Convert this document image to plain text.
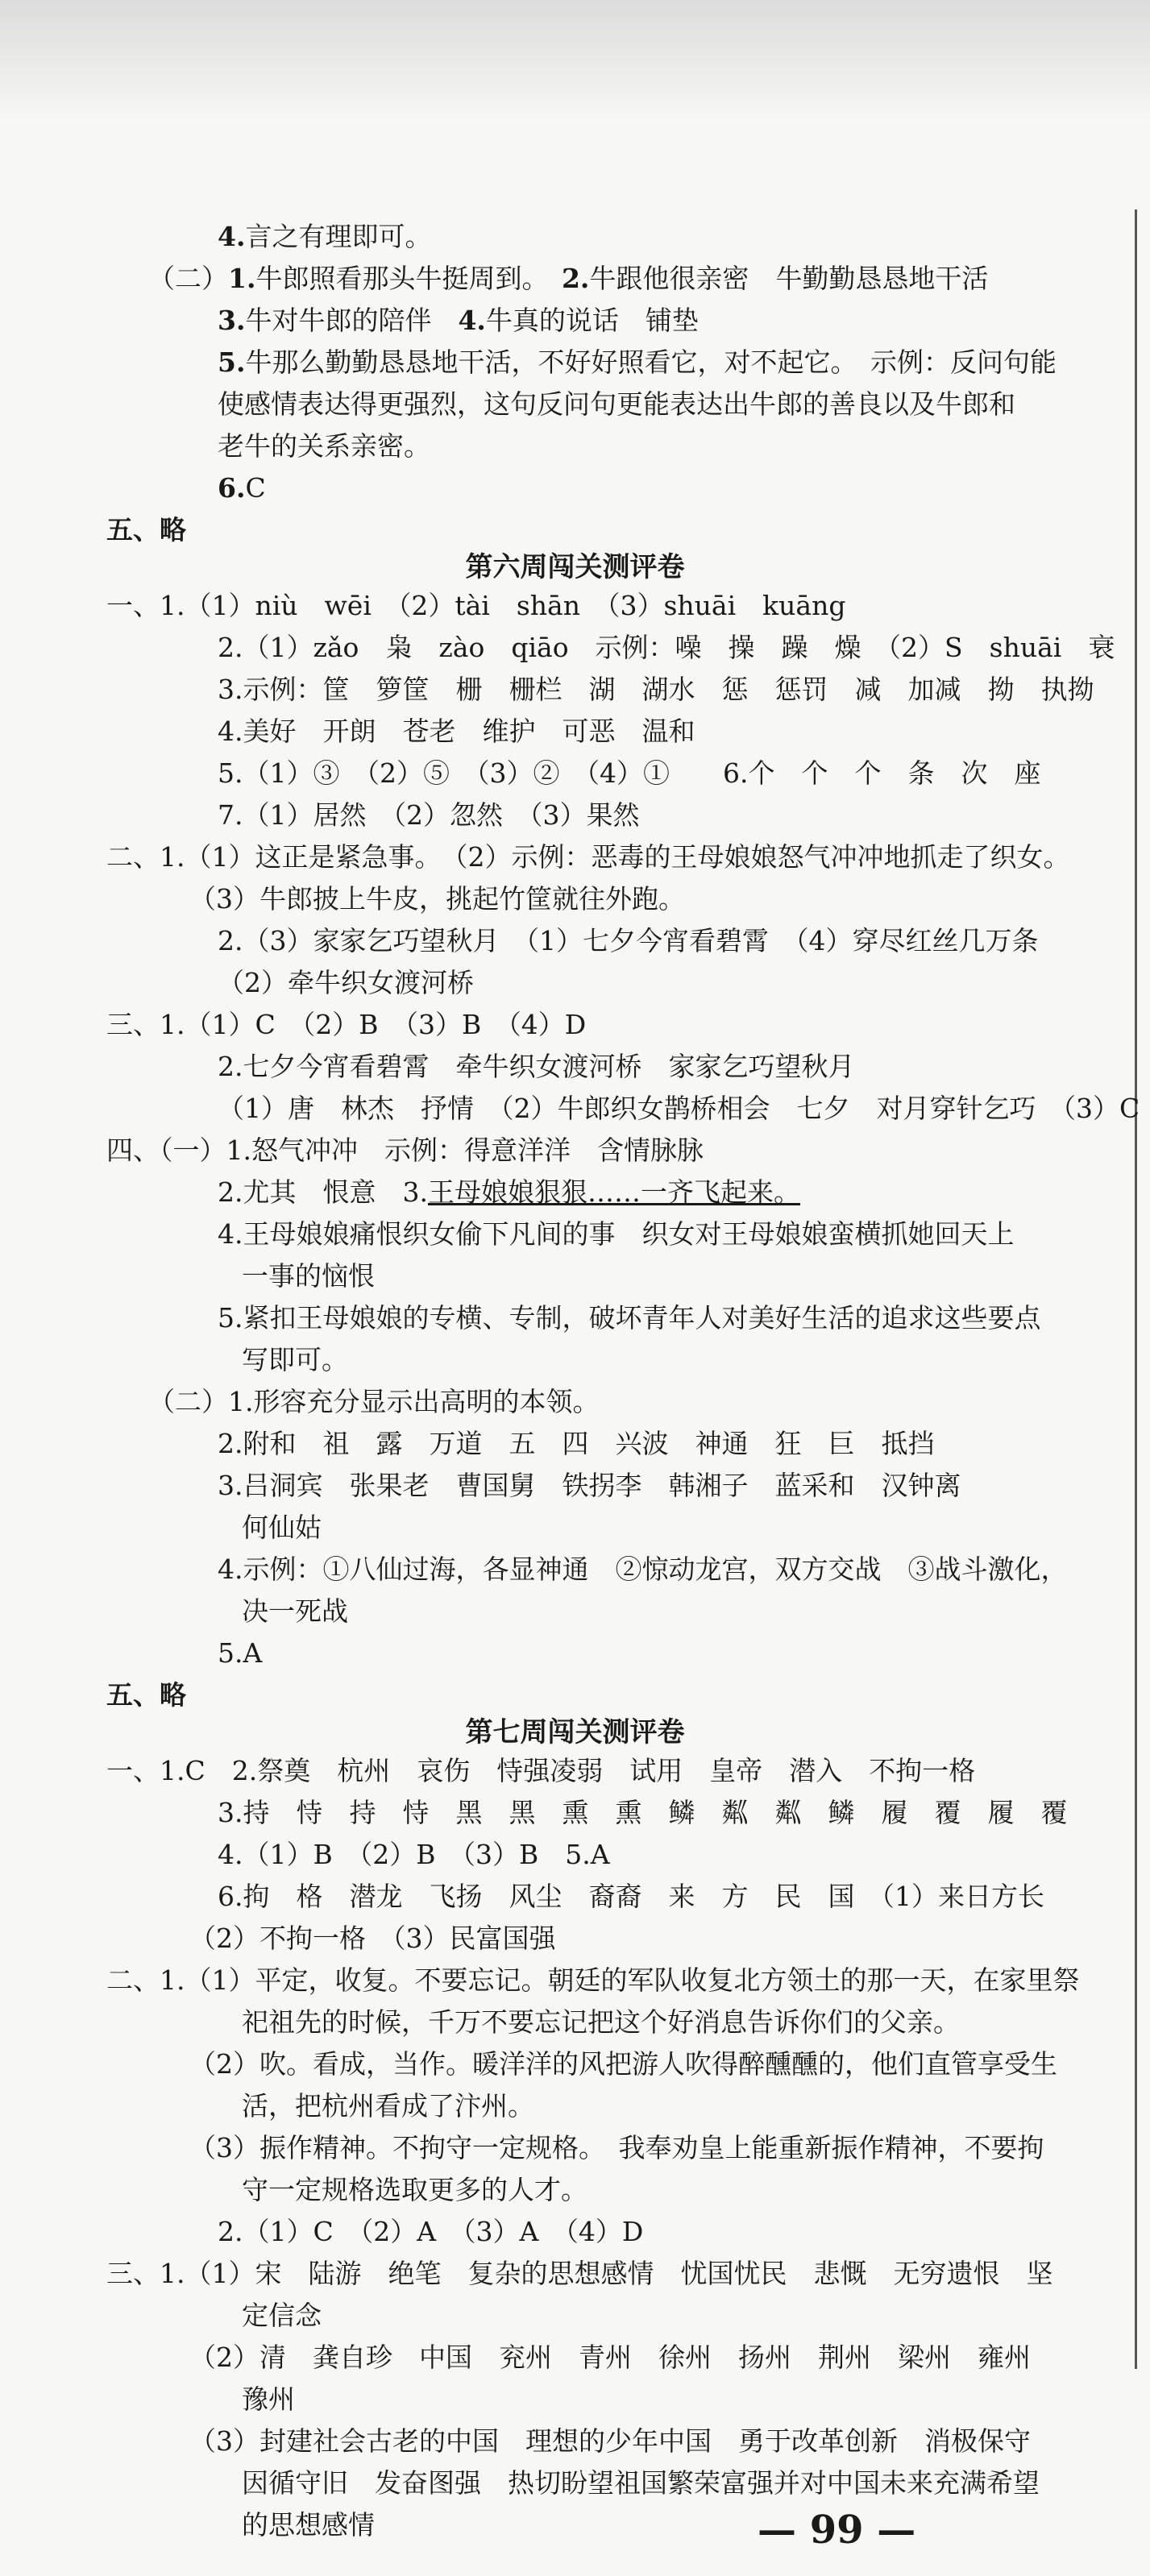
4.言之有理即可。
（二）1.牛郎照看那头牛挺周到。　 2.牛跟他很亲密　牛勤勤恳恳地干活
3.牛对牛郎的陪伴　 4.牛真的说话　铺垫
5.牛那么勤勤恳恳地干活，不好好照看它，对不起它。　示例：反问句能
使感情表达得更强烈，这句反问句更能表达出牛郎的善良以及牛郎和
老牛的关系亲密。
6.C
五、略
第六周闯关测评卷
一、1.（1）niù　wēi　（2）tài　shān　（3）shuāi　kuāng
2.（1）zǎo　枭　zào　qiāo　示例：噪　操　躁　燥　（2）S　shuāi　衰
3.示例：筐　箩筐　栅　栅栏　湖　湖水　惩　惩罚　减　加减　拗　执拗
4.美好　开朗　苍老　维护　可恶　温和
5.（1）③　（2）⑤　（3）②　（4）①　　6.个　个　个　条　次　座
7.（1）居然　（2）忽然　（3）果然
二、1.（1）这正是紧急事。　（2）示例：恶毒的王母娘娘怒气冲冲地抓走了织女。
（3）牛郎披上牛皮，挑起竹筐就往外跑。
2.（3）家家乞巧望秋月　（1）七夕今宵看碧霄　（4）穿尽红丝几万条
（2）牵牛织女渡河桥
三、1.（1）C　（2）B　（3）B　（4）D
2.七夕今宵看碧霄　牵牛织女渡河桥　家家乞巧望秋月
（1）唐　林杰　抒情　（2）牛郎织女鹊桥相会　七夕　对月穿针乞巧　（3）C
四、（一）1.怒气冲冲　示例：得意洋洋　含情脉脉
2.尤其　恨意　3.王母娘娘狠狠……一齐飞起来。
4.王母娘娘痛恨织女偷下凡间的事　织女对王母娘娘蛮横抓她回天上
一事的恼恨
5.紧扣王母娘娘的专横、专制，破坏青年人对美好生活的追求这些要点
写即可。
（二）1.形容充分显示出高明的本领。
2.附和　祖　露　万道　五　四　兴波　神通　狂　巨　抵挡
3.吕洞宾　张果老　曹国舅　铁拐李　韩湘子　蓝采和　汉钟离
何仙姑
4.示例：①八仙过海，各显神通　②惊动龙宫，双方交战　③战斗激化，
决一死战
5.A
五、略
第七周闯关测评卷
一、1.C　2.祭奠　杭州　哀伤　恃强凌弱　试用　皇帝　潜入　不拘一格
3.持　恃　持　恃　黑　黑　熏　熏　鳞　粼　粼　鳞　履　覆　履　覆
4.（1）B　（2）B　（3）B　5.A
6.拘　格　潜龙　飞扬　风尘　裔裔　来　方　民　国　（1）来日方长
（2）不拘一格　（3）民富国强
二、1.（1）平定，收复。不要忘记。朝廷的军队收复北方领土的那一天，在家里祭
祀祖先的时候，千万不要忘记把这个好消息告诉你们的父亲。
（2）吹。看成，当作。暖洋洋的风把游人吹得醉醺醺的，他们直管享受生
活，把杭州看成了汴州。
（3）振作精神。不拘守一定规格。　我奉劝皇上能重新振作精神，不要拘
守一定规格选取更多的人才。
2.（1）C　（2）A　（3）A　（4）D
三、1.（1）宋　陆游　绝笔　复杂的思想感情　忧国忧民　悲慨　无穷遗恨　坚
定信念
（2）清　龚自珍　中国　兖州　青州　徐州　扬州　荆州　梁州　雍州
豫州
（3）封建社会古老的中国　理想的少年中国　勇于改革创新　消极保守
因循守旧　发奋图强　热切盼望祖国繁荣富强并对中国未来充满希望
的思想感情	— 99 —
